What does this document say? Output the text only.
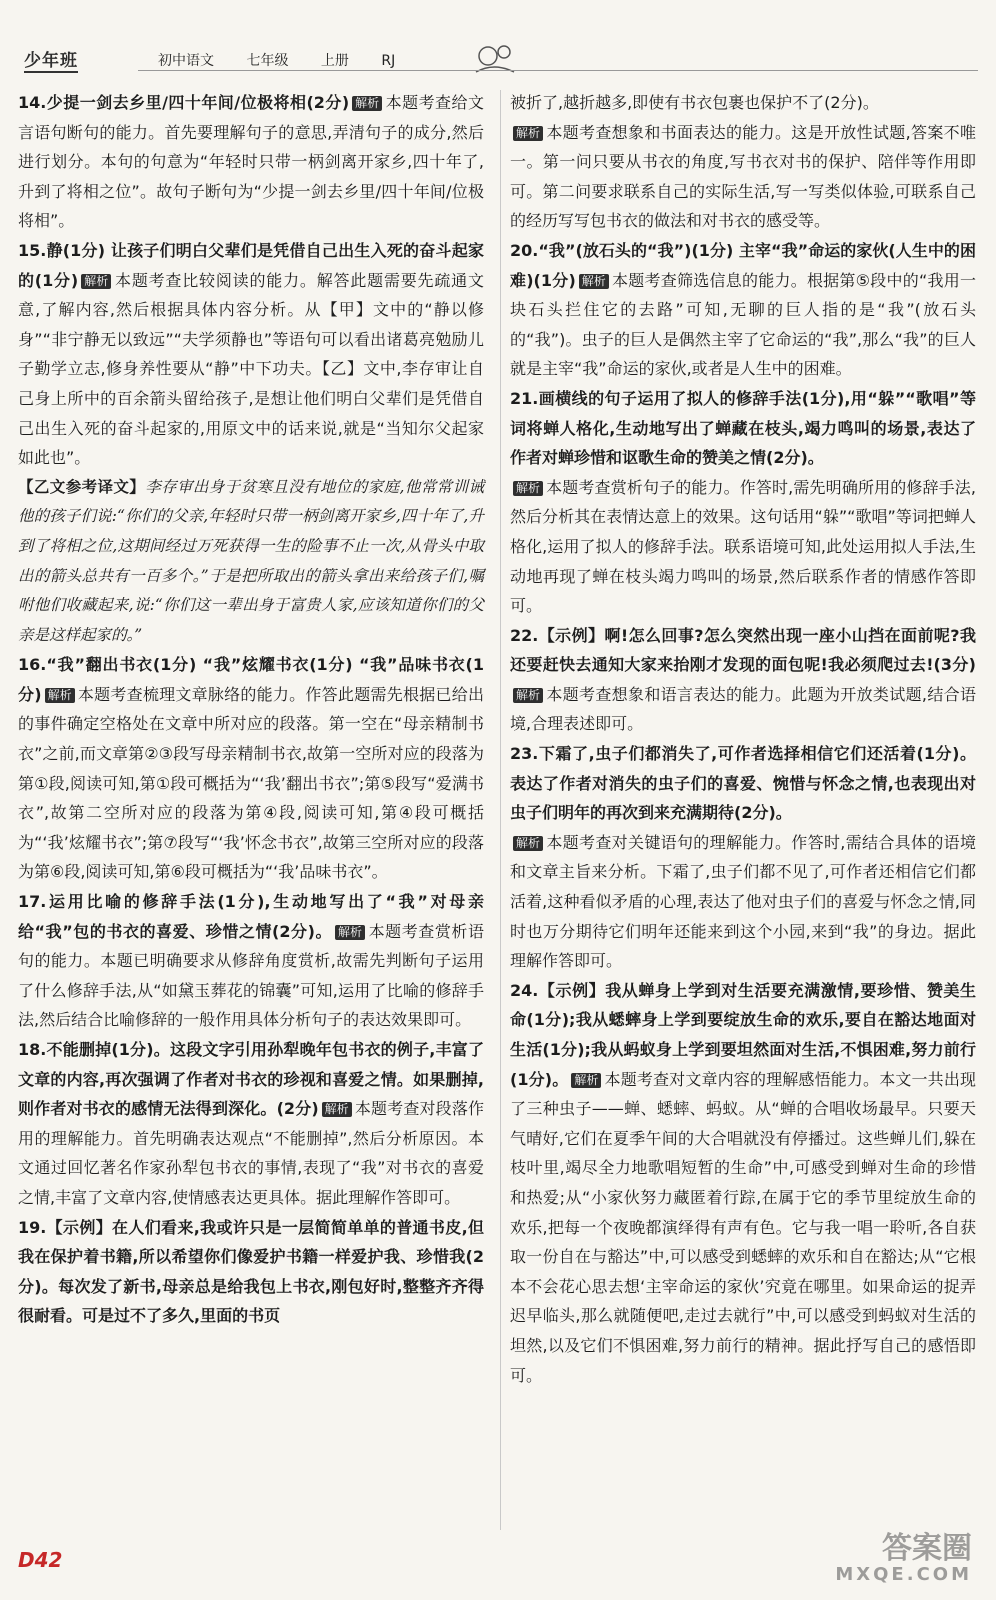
少年班	初中语文 七年级 上册 RJ

14.少提一剑去乡里/四十年间/位极将相(2分) 解析 本题考查给文言语句断句的能力。首先要理解句子的意思,弄清句子的成分,然后进行划分。本句的句意为“年轻时只带一柄剑离开家乡,四十年了,升到了将相之位”。故句子断句为“少提一剑去乡里/四十年间/位极将相”。

15.静(1分) 让孩子们明白父辈们是凭借自己出生入死的奋斗起家的(1分) 解析 本题考查比较阅读的能力。解答此题需要先疏通文意,了解内容,然后根据具体内容分析。从【甲】文中的“静以修身”“非宁静无以致远”“夫学须静也”等语句可以看出诸葛亮勉励儿子勤学立志,修身养性要从“静”中下功夫。【乙】文中,李存审让自己身上所中的百余箭头留给孩子,是想让他们明白父辈们是凭借自己出生入死的奋斗起家的,用原文中的话来说,就是“当知尔父起家如此也”。

【乙文参考译文】李存审出身于贫寒且没有地位的家庭,他常常训诫他的孩子们说:“你们的父亲,年轻时只带一柄剑离开家乡,四十年了,升到了将相之位,这期间经过万死获得一生的险事不止一次,从骨头中取出的箭头总共有一百多个。”于是把所取出的箭头拿出来给孩子们,嘱咐他们收藏起来,说:“你们这一辈出身于富贵人家,应该知道你们的父亲是这样起家的。”

16.“我”翻出书衣(1分) “我”炫耀书衣(1分) “我”品味书衣(1分) 解析 本题考查梳理文章脉络的能力。作答此题需先根据已给出的事件确定空格处在文章中所对应的段落。第一空在“母亲精制书衣”之前,而文章第②③段写母亲精制书衣,故第一空所对应的段落为第①段,阅读可知,第①段可概括为“‘我’翻出书衣”;第⑤段写“爱满书衣”,故第二空所对应的段落为第④段,阅读可知,第④段可概括为“‘我’炫耀书衣”;第⑦段写“‘我’怀念书衣”,故第三空所对应的段落为第⑥段,阅读可知,第⑥段可概括为“‘我’品味书衣”。

17.运用比喻的修辞手法(1分),生动地写出了“我”对母亲给“我”包的书衣的喜爱、珍惜之情(2分)。 解析 本题考查赏析语句的能力。本题已明确要求从修辞角度赏析,故需先判断句子运用了什么修辞手法,从“如黛玉葬花的锦囊”可知,运用了比喻的修辞手法,然后结合比喻修辞的一般作用具体分析句子的表达效果即可。

18.不能删掉(1分)。这段文字引用孙犁晚年包书衣的例子,丰富了文章的内容,再次强调了作者对书衣的珍视和喜爱之情。如果删掉,则作者对书衣的感情无法得到深化。(2分) 解析 本题考查对段落作用的理解能力。首先明确表达观点“不能删掉”,然后分析原因。本文通过回忆著名作家孙犁包书衣的事情,表现了“我”对书衣的喜爱之情,丰富了文章内容,使情感表达更具体。据此理解作答即可。

19.【示例】在人们看来,我或许只是一层简简单单的普通书皮,但我在保护着书籍,所以希望你们像爱护书籍一样爱护我、珍惜我(2分)。每次发了新书,母亲总是给我包上书衣,刚包好时,整整齐齐得很耐看。可是过不了多久,里面的书页

被折了,越折越多,即使有书衣包裹也保护不了(2分)。
解析 本题考查想象和书面表达的能力。这是开放性试题,答案不唯一。第一问只要从书衣的角度,写书衣对书的保护、陪伴等作用即可。第二问要求联系自己的实际生活,写一写类似体验,可联系自己的经历写写包书衣的做法和对书衣的感受等。

20.“我”(放石头的“我”)(1分) 主宰“我”命运的家伙(人生中的困难)(1分) 解析 本题考查筛选信息的能力。根据第⑤段中的“我用一块石头拦住它的去路”可知,无聊的巨人指的是“我”(放石头的“我”)。虫子的巨人是偶然主宰了它命运的“我”,那么“我”的巨人就是主宰“我”命运的家伙,或者是人生中的困难。

21.画横线的句子运用了拟人的修辞手法(1分),用“躲”“歌唱”等词将蝉人格化,生动地写出了蝉藏在枝头,竭力鸣叫的场景,表达了作者对蝉珍惜和讴歌生命的赞美之情(2分)。
解析 本题考查赏析句子的能力。作答时,需先明确所用的修辞手法,然后分析其在表情达意上的效果。这句话用“躲”“歌唱”等词把蝉人格化,运用了拟人的修辞手法。联系语境可知,此处运用拟人手法,生动地再现了蝉在枝头竭力鸣叫的场景,然后联系作者的情感作答即可。

22.【示例】啊!怎么回事?怎么突然出现一座小山挡在面前呢?我还要赶快去通知大家来抬刚才发现的面包呢!我必须爬过去!(3分)解析 本题考查想象和语言表达的能力。此题为开放类试题,结合语境,合理表述即可。

23.下霜了,虫子们都消失了,可作者选择相信它们还活着(1分)。表达了作者对消失的虫子们的喜爱、惋惜与怀念之情,也表现出对虫子们明年的再次到来充满期待(2分)。
解析 本题考查对关键语句的理解能力。作答时,需结合具体的语境和文章主旨来分析。下霜了,虫子们都不见了,可作者还相信它们都活着,这种看似矛盾的心理,表达了他对虫子们的喜爱与怀念之情,同时也万分期待它们明年还能来到这个小园,来到“我”的身边。据此理解作答即可。

24.【示例】我从蝉身上学到对生活要充满激情,要珍惜、赞美生命(1分);我从蟋蟀身上学到要绽放生命的欢乐,要自在豁达地面对生活(1分);我从蚂蚁身上学到要坦然面对生活,不惧困难,努力前行(1分)。 解析 本题考查对文章内容的理解感悟能力。本文一共出现了三种虫子——蝉、蟋蟀、蚂蚁。从“蝉的合唱收场最早。只要天气晴好,它们在夏季午间的大合唱就没有停播过。这些蝉儿们,躲在枝叶里,竭尽全力地歌唱短暂的生命”中,可感受到蝉对生命的珍惜和热爱;从“小家伙努力藏匿着行踪,在属于它的季节里绽放生命的欢乐,把每一个夜晚都演绎得有声有色。它与我一唱一聆听,各自获取一份自在与豁达”中,可以感受到蟋蟀的欢乐和自在豁达;从“它根本不会花心思去想‘主宰命运的家伙’究竟在哪里。如果命运的捉弄迟早临头,那么就随便吧,走过去就行”中,可以感受到蚂蚁对生活的坦然,以及它们不惧困难,努力前行的精神。据此抒写自己的感悟即可。

D42	答案圈
MXQE.COM
